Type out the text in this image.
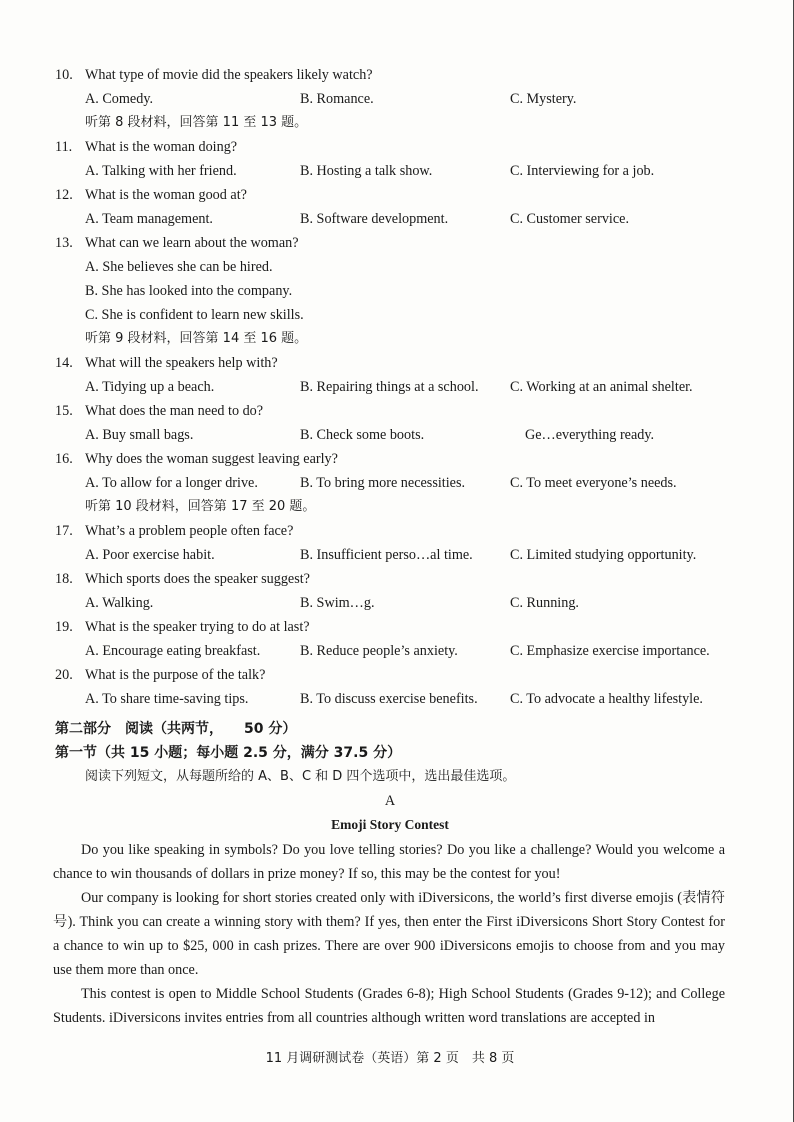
10. What type of movie did the speakers likely watch?
A. Comedy.	B. Romance.	C. Mystery.
听第 8 段材料，回答第 11 至 13 题。
11. What is the woman doing?
A. Talking with her friend.	B. Hosting a talk show.	C. Interviewing for a job.
12. What is the woman good at?
A. Team management.	B. Software development.	C. Customer service.
13. What can we learn about the woman?
A. She believes she can be hired.
B. She has looked into the company.
C. She is confident to learn new skills.
听第 9 段材料，回答第 14 至 16 题。
14. What will the speakers help with?
A. Tidying up a beach.	B. Repairing things at a school. C. Working at an animal shelter.
15. What does the man need to do?
A. Buy small bags.	B. Check some boots.	Ge…everything ready.
16. Why does the woman suggest leaving early?
A. To allow for a longer drive.	B. To bring more necessities.	C. To meet everyone’s needs.
听第 10 段材料，回答第 17 至 20 题。
17. What’s a problem people often face?
A. Poor exercise habit.	B. Insufficient perso…al time.	C. Limited studying opportunity.
18. Which sports does the speaker suggest?
A. Walking.	B. Swim…g.	C. Running.
19. What is the speaker trying to do at last?
A. Encourage eating breakfast.	B. Reduce people’s anxiety.	C. Emphasize exercise importance.
20. What is the purpose of the talk?
A. To share time-saving tips.	B. To discuss exercise benefits. C. To advocate a healthy lifestyle.
第二部分　阅读（共两节，　　50 分）
第一节（共 15 小题；每小题 2.5 分，满分 37.5 分）
阅读下列短文，从每题所给的 A、B、C 和 D 四个选项中，选出最佳选项。
A
Emoji Story Contest
Do you like speaking in symbols? Do you love telling stories? Do you like a challenge? Would you welcome a chance to win thousands of dollars in prize money? If so, this may be the contest for you!
Our company is looking for short stories created only with iDiversicons, the world’s first diverse emojis (表情符号). Think you can create a winning story with them? If yes, then enter the First iDiversicons Short Story Contest for a chance to win up to $25, 000 in cash prizes. There are over 900 iDiversicons emojis to choose from and you may use them more than once.
This contest is open to Middle School Students (Grades 6-8); High School Students (Grades 9-12); and College Students. iDiversicons invites entries from all countries although written word translations are accepted in
11 月调研测试卷（英语）第 2 页　共 8 页
